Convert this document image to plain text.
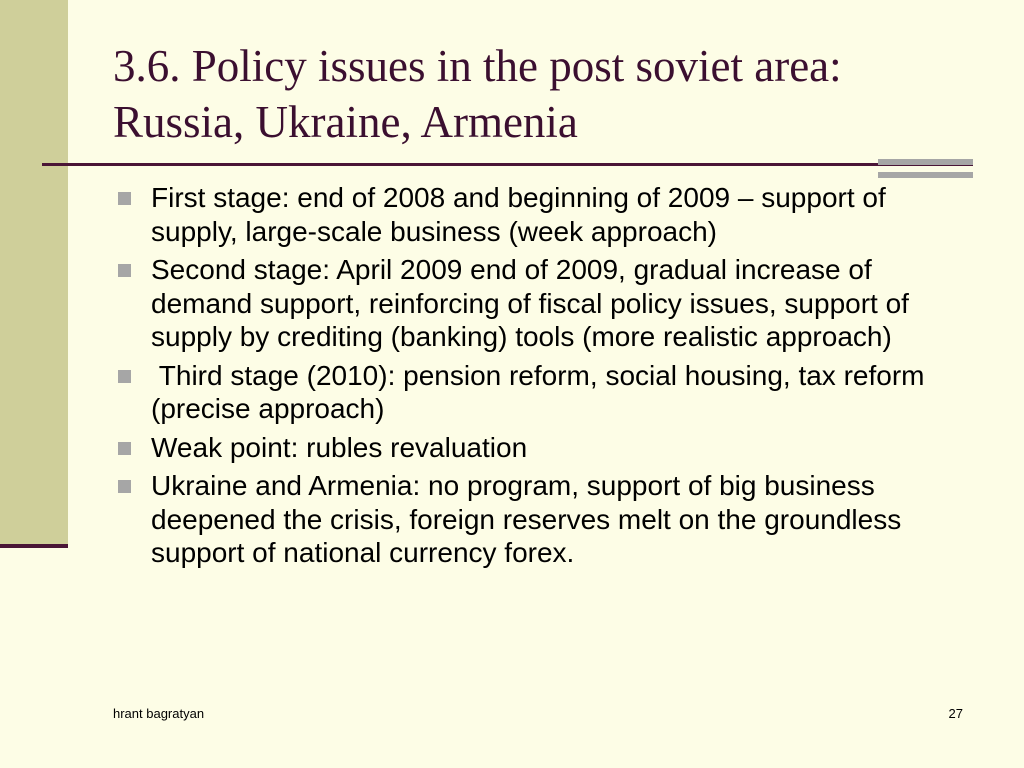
3.6. Policy issues in the post soviet area: Russia, Ukraine, Armenia
First stage: end of 2008 and beginning of 2009 – support of supply, large-scale business (week approach)
Second stage: April 2009 end of 2009, gradual increase of demand support, reinforcing of fiscal policy issues, support of supply by crediting (banking) tools (more realistic approach)
Third stage (2010): pension reform, social housing, tax reform (precise approach)
Weak point: rubles revaluation
Ukraine and Armenia: no program, support of big business deepened the crisis, foreign reserves melt on the groundless support of national currency forex.
hrant bagratyan	27
